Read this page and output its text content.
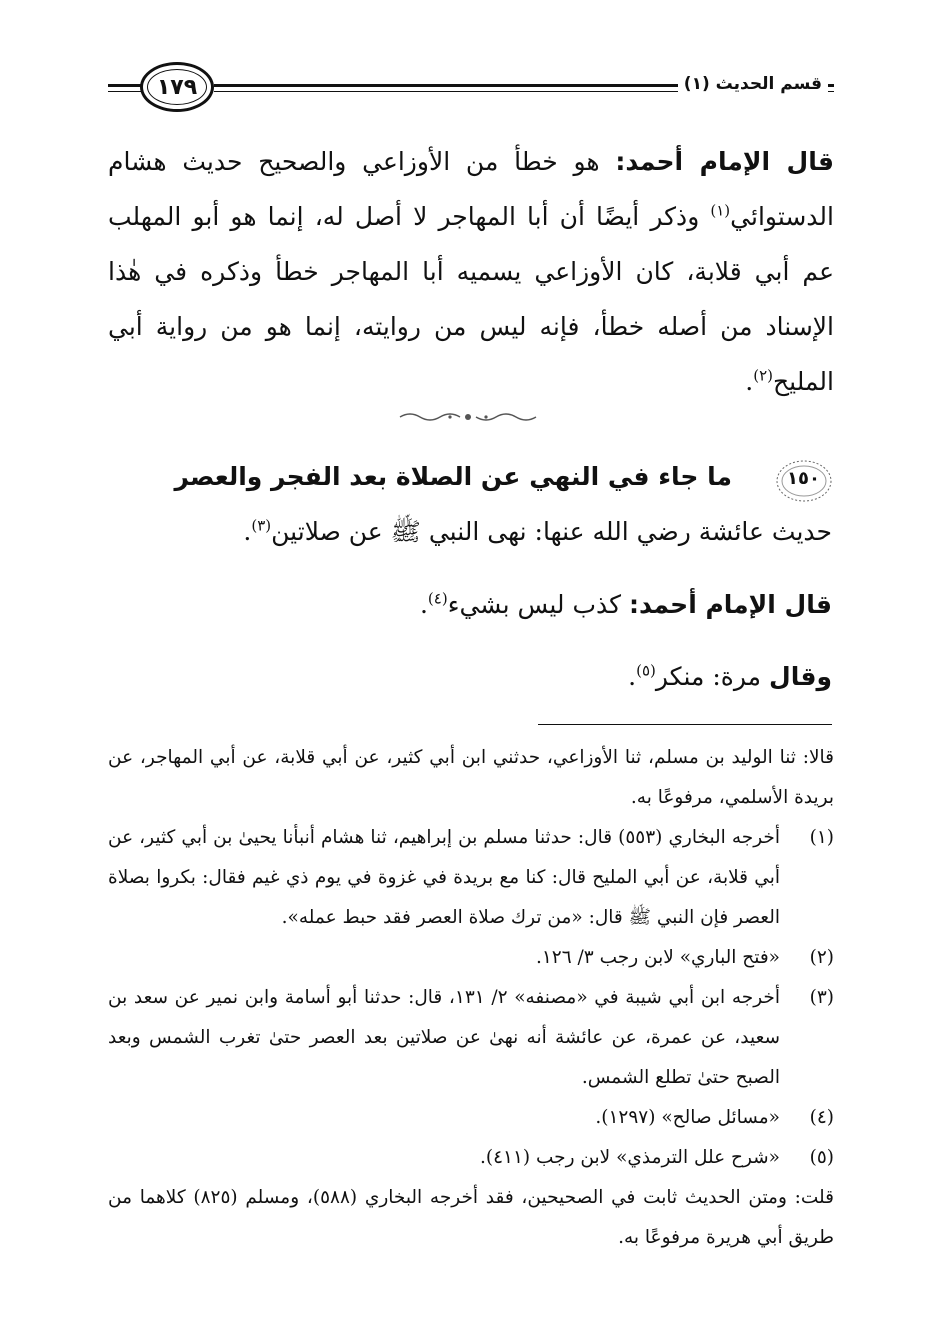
قسم الحديث (١)
١٧٩
قال الإمام أحمد: هو خطأ من الأوزاعي والصحيح حديث هشام الدستوائي$^{(١)}$ وذكر أيضًا أن أبا المهاجر لا أصل له، إنما هو أبو المهلب عم أبي قلابة، كان الأوزاعي يسميه أبا المهاجر خطأ وذكره في هٰذا الإسناد من أصله خطأ، فإنه ليس من روايته، إنما هو من رواية أبي المليح$^{(٢)}$.
١٥٠
ما جاء في النهي عن الصلاة بعد الفجر والعصر
حديث عائشة رضي الله عنها: نهى النبي ﷺ عن صلاتين$^{(٣)}$.
قال الإمام أحمد: كذب ليس بشيء$^{(٤)}$.
وقال مرة: منكر$^{(٥)}$.
قالا: ثنا الوليد بن مسلم، ثنا الأوزاعي، حدثني ابن أبي كثير، عن أبي قلابة، عن أبي المهاجر، عن بريدة الأسلمي، مرفوعًا به.
(١)
أخرجه البخاري (٥٥٣) قال: حدثنا مسلم بن إبراهيم، ثنا هشام أنبأنا يحيىٰ بن أبي كثير، عن أبي قلابة، عن أبي المليح قال: كنا مع بريدة في غزوة في يوم ذي غيم فقال: بكروا بصلاة العصر فإن النبي ﷺ قال: «من ترك صلاة العصر فقد حبط عمله».
(٢)
«فتح الباري» لابن رجب ٣/ ١٢٦.
(٣)
أخرجه ابن أبي شيبة في «مصنفه» ٢/ ١٣١، قال: حدثنا أبو أسامة وابن نمير عن سعد بن سعيد، عن عمرة، عن عائشة أنه نهىٰ عن صلاتين بعد العصر حتىٰ تغرب الشمس وبعد الصبح حتىٰ تطلع الشمس.
(٤)
«مسائل صالح» (١٢٩٧).
(٥)
«شرح علل الترمذي» لابن رجب (٤١١).
قلت: ومتن الحديث ثابت في الصحيحين، فقد أخرجه البخاري (٥٨٨)، ومسلم (٨٢٥) كلاهما من طريق أبي هريرة مرفوعًا به.
